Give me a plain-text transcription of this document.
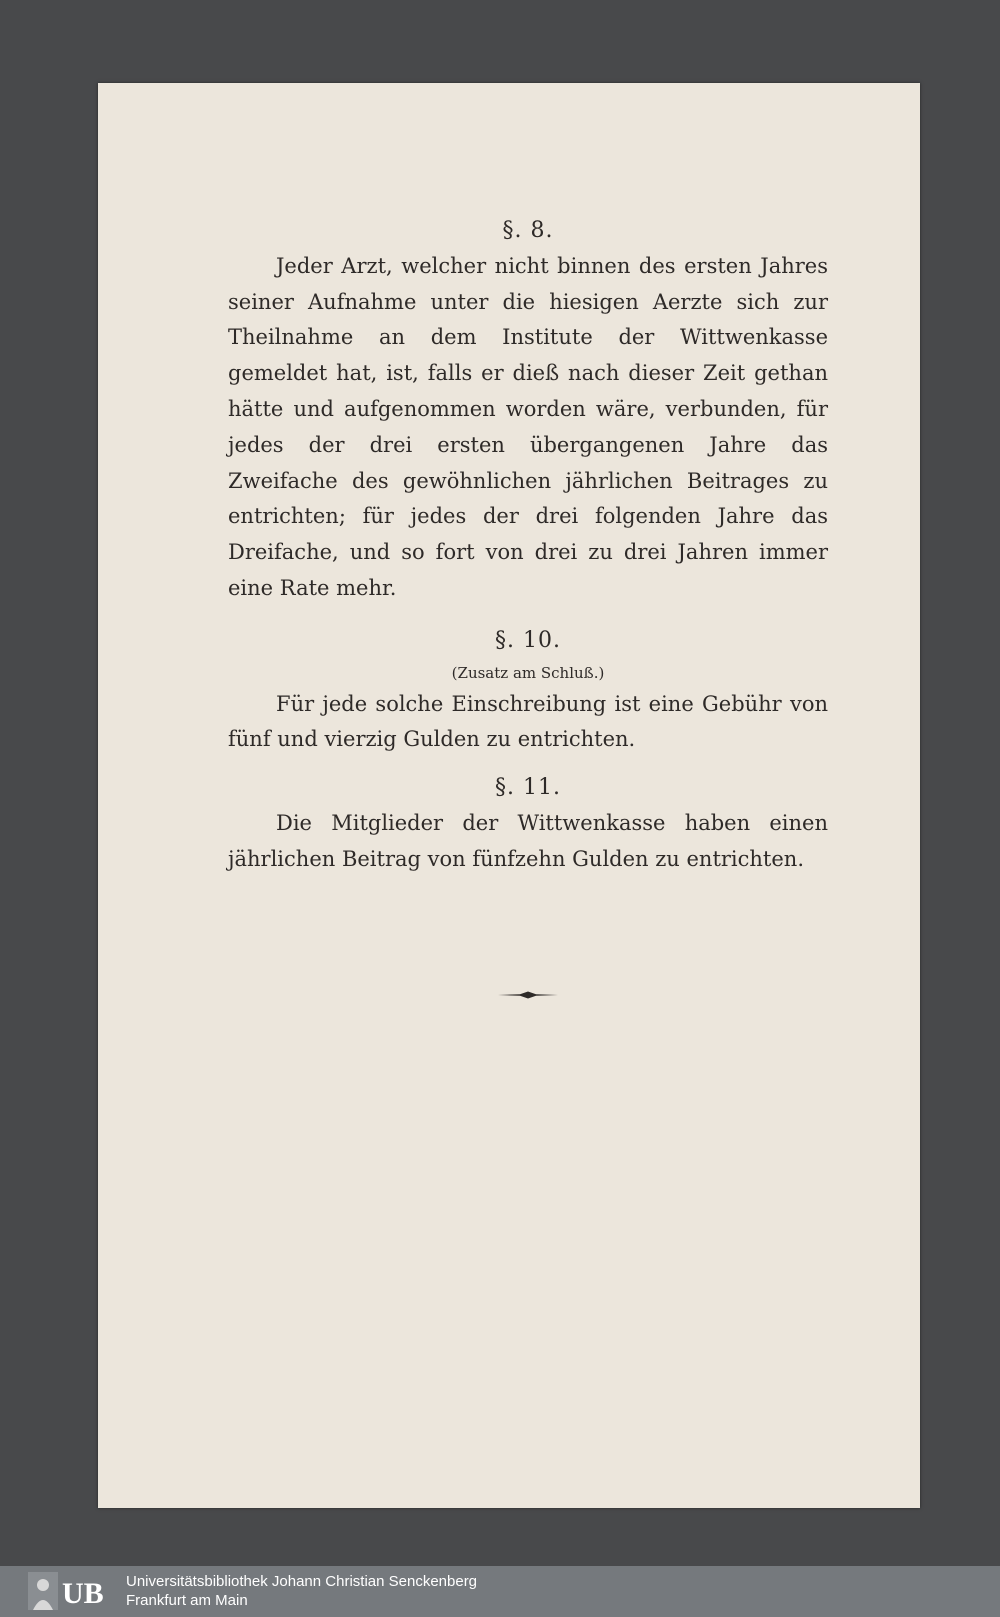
§. 8.

Jeder Arzt, welcher nicht binnen des ersten Jahres seiner Aufnahme unter die hiesigen Aerzte sich zur Theilnahme an dem Institute der Wittwenkasse gemeldet hat, ist, falls er dieß nach dieser Zeit gethan hätte und aufgenommen worden wäre, verbunden, für jedes der drei ersten übergangenen Jahre das Zweifache des gewöhnlichen jährlichen Beitrages zu entrichten; für jedes der drei folgenden Jahre das Dreifache, und so fort von drei zu drei Jahren immer eine Rate mehr.

§. 10.

(Zusatz am Schluß.)

Für jede solche Einschreibung ist eine Gebühr von fünf und vierzig Gulden zu entrichten.

§. 11.

Die Mitglieder der Wittwenkasse haben einen jährlichen Beitrag von fünfzehn Gulden zu entrichten.

UB Universitätsbibliothek Johann Christian Senckenberg
Frankfurt am Main
